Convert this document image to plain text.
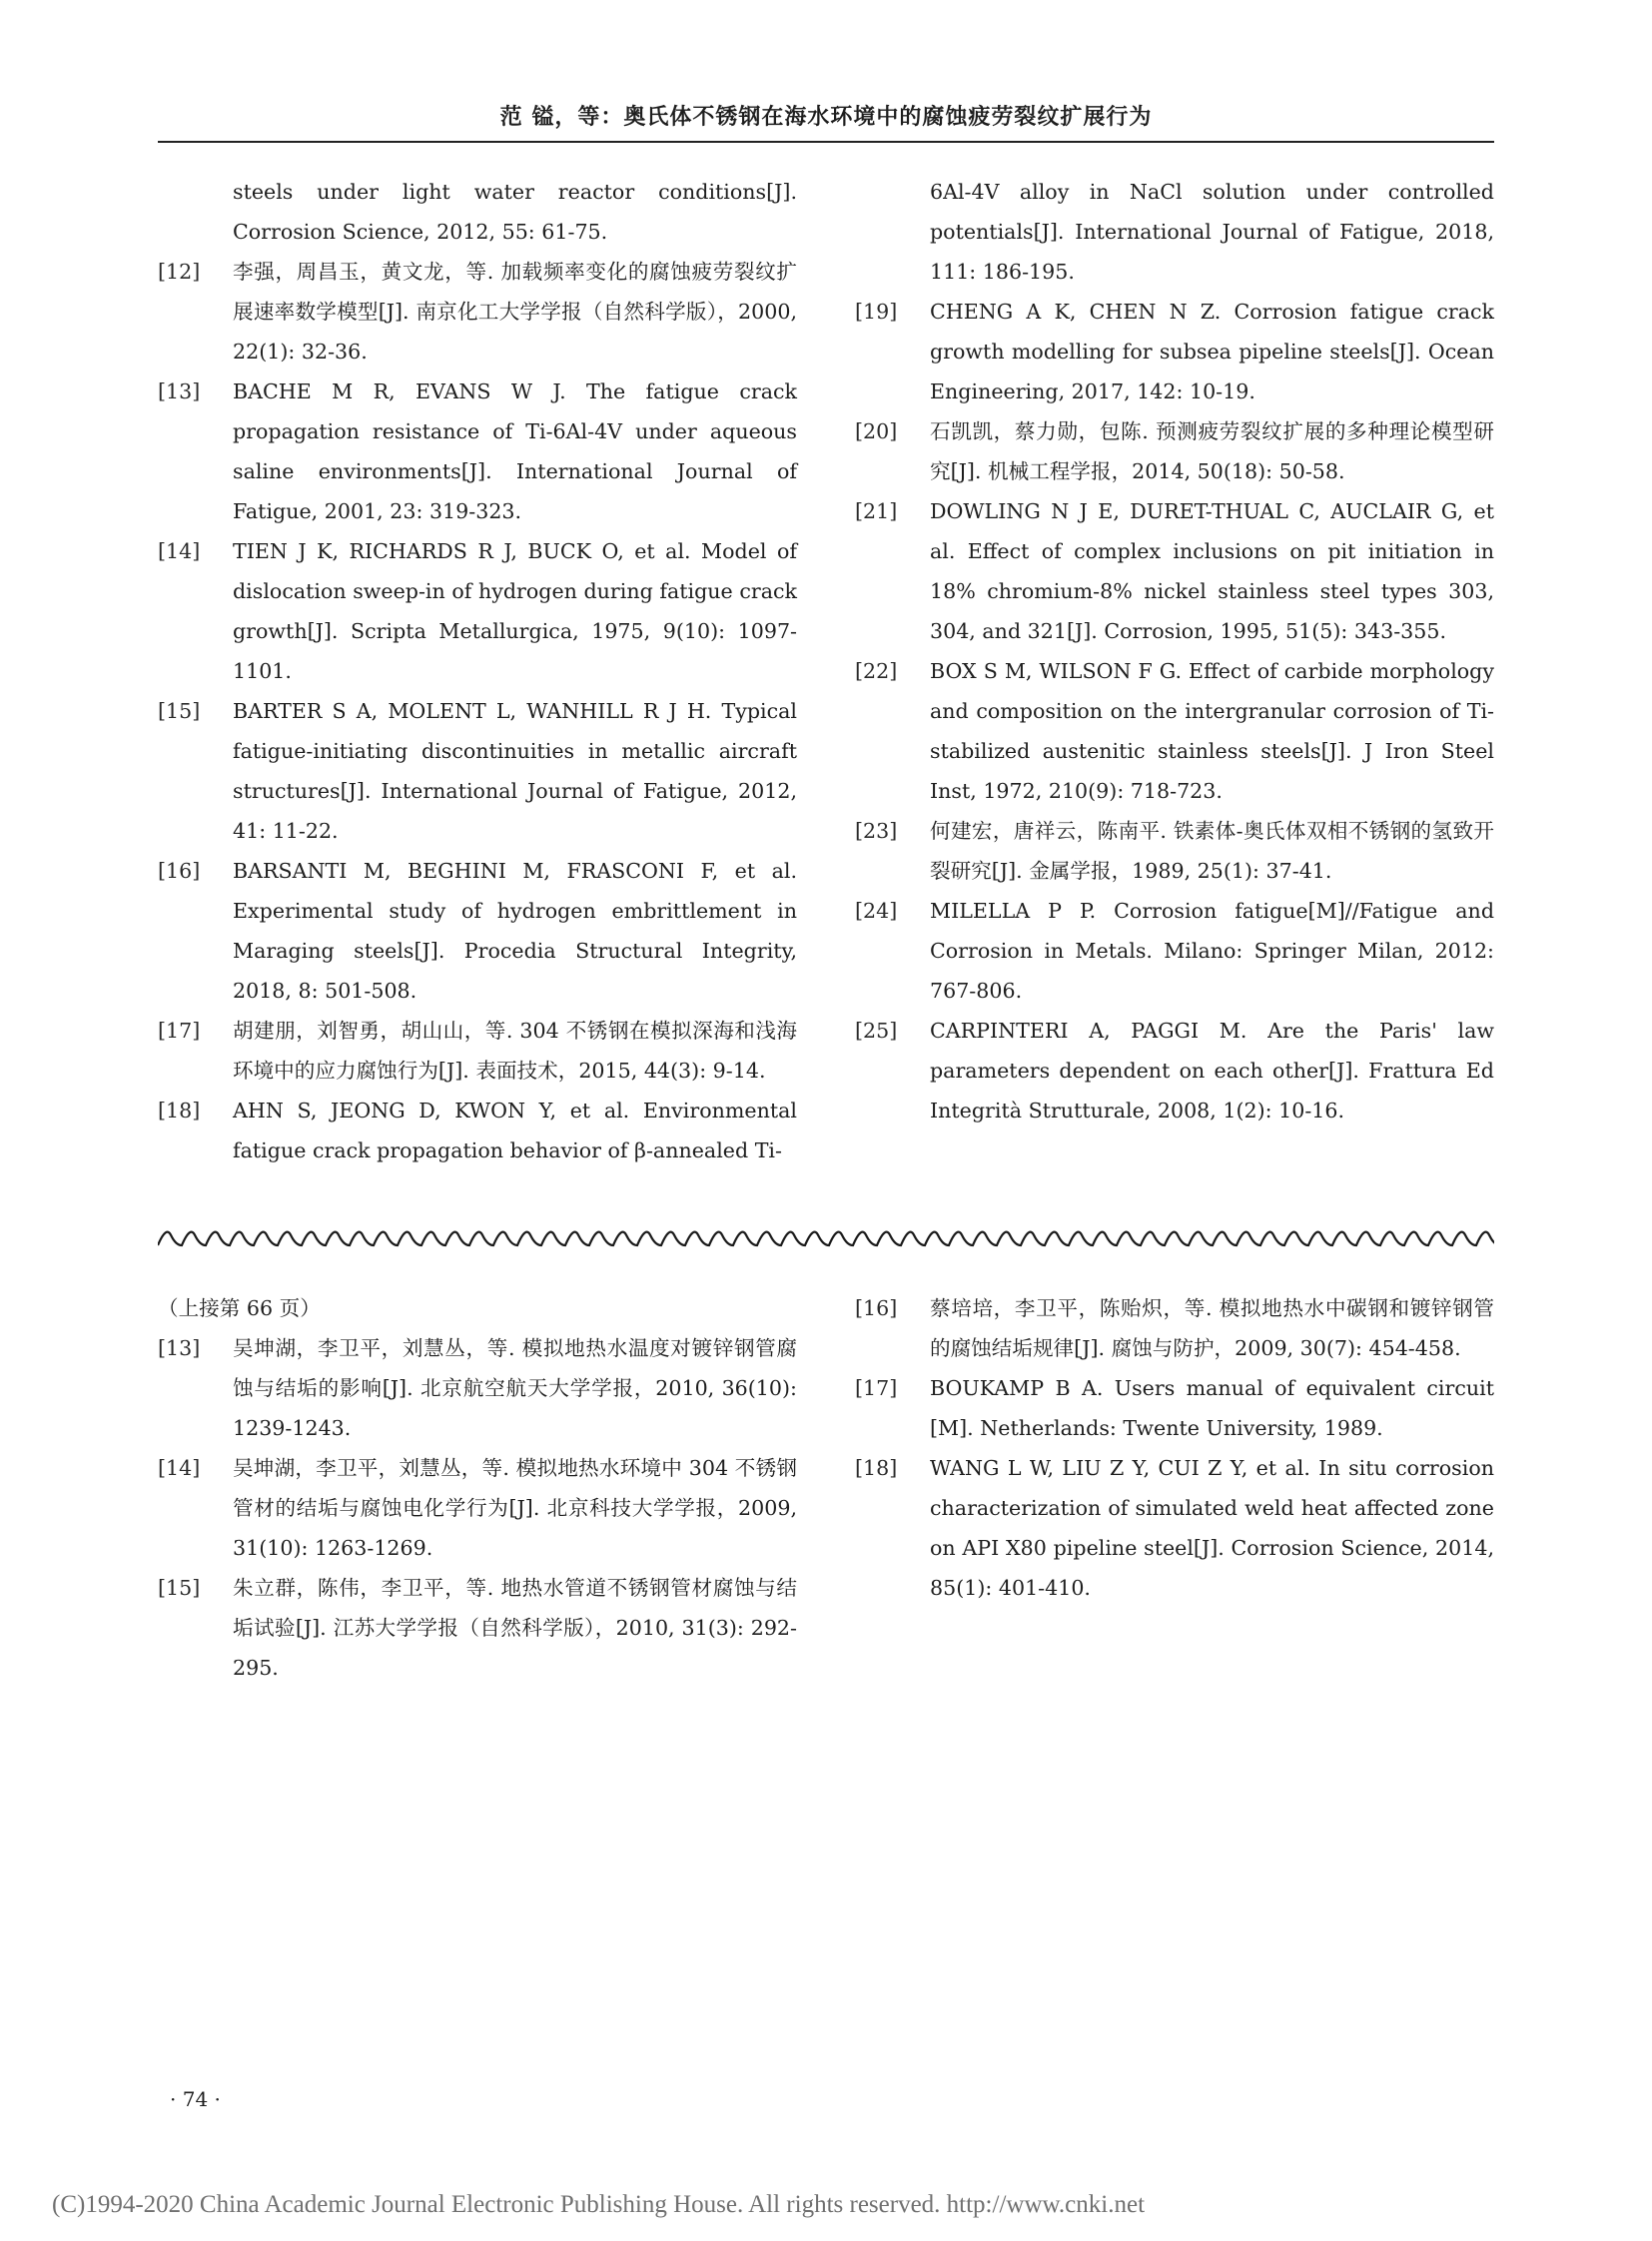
范 镒，等：奥氏体不锈钢在海水环境中的腐蚀疲劳裂纹扩展行为
steels under light water reactor conditions[J]. Corrosion Science, 2012, 55: 61-75.
[12]	李强，周昌玉，黄文龙，等. 加载频率变化的腐蚀疲劳裂纹扩展速率数学模型[J]. 南京化工大学学报（自然科学版），2000, 22(1): 32-36.
[13]	BACHE M R, EVANS W J. The fatigue crack propagation resistance of Ti-6Al-4V under aqueous saline environments[J]. International Journal of Fatigue, 2001, 23: 319-323.
[14]	TIEN J K, RICHARDS R J, BUCK O, et al. Model of dislocation sweep-in of hydrogen during fatigue crack growth[J]. Scripta Metallurgica, 1975, 9(10): 1097-1101.
[15]	BARTER S A, MOLENT L, WANHILL R J H. Typical fatigue-initiating discontinuities in metallic aircraft structures[J]. International Journal of Fatigue, 2012, 41: 11-22.
[16]	BARSANTI M, BEGHINI M, FRASCONI F, et al. Experimental study of hydrogen embrittlement in Maraging steels[J]. Procedia Structural Integrity, 2018, 8: 501-508.
[17]	胡建朋，刘智勇，胡山山，等. 304 不锈钢在模拟深海和浅海环境中的应力腐蚀行为[J]. 表面技术，2015, 44(3): 9-14.
[18]	AHN S, JEONG D, KWON Y, et al. Environmental fatigue crack propagation behavior of β-annealed Ti-
6Al-4V alloy in NaCl solution under controlled potentials[J]. International Journal of Fatigue, 2018, 111: 186-195.
[19]	CHENG A K, CHEN N Z. Corrosion fatigue crack growth modelling for subsea pipeline steels[J]. Ocean Engineering, 2017, 142: 10-19.
[20]	石凯凯，蔡力勋，包陈. 预测疲劳裂纹扩展的多种理论模型研究[J]. 机械工程学报，2014, 50(18): 50-58.
[21]	DOWLING N J E, DURET-THUAL C, AUCLAIR G, et al. Effect of complex inclusions on pit initiation in 18% chromium-8% nickel stainless steel types 303, 304, and 321[J]. Corrosion, 1995, 51(5): 343-355.
[22]	BOX S M, WILSON F G. Effect of carbide morphology and composition on the intergranular corrosion of Ti-stabilized austenitic stainless steels[J]. J Iron Steel Inst, 1972, 210(9): 718-723.
[23]	何建宏，唐祥云，陈南平. 铁素体-奥氏体双相不锈钢的氢致开裂研究[J]. 金属学报，1989, 25(1): 37-41.
[24]	MILELLA P P. Corrosion fatigue[M]//Fatigue and Corrosion in Metals. Milano: Springer Milan, 2012: 767-806.
[25]	CARPINTERI A, PAGGI M. Are the Paris' law parameters dependent on each other[J]. Frattura Ed Integrità Strutturale, 2008, 1(2): 10-16.
（上接第 66 页）
[13]	吴坤湖，李卫平，刘慧丛，等. 模拟地热水温度对镀锌钢管腐蚀与结垢的影响[J]. 北京航空航天大学学报，2010, 36(10): 1239-1243.
[14]	吴坤湖，李卫平，刘慧丛，等. 模拟地热水环境中 304 不锈钢管材的结垢与腐蚀电化学行为[J]. 北京科技大学学报，2009, 31(10): 1263-1269.
[15]	朱立群，陈伟，李卫平，等. 地热水管道不锈钢管材腐蚀与结垢试验[J]. 江苏大学学报（自然科学版），2010, 31(3): 292-295.
[16]	蔡培培，李卫平，陈贻炽，等. 模拟地热水中碳钢和镀锌钢管的腐蚀结垢规律[J]. 腐蚀与防护，2009, 30(7): 454-458.
[17]	BOUKAMP B A. Users manual of equivalent circuit [M]. Netherlands: Twente University, 1989.
[18]	WANG L W, LIU Z Y, CUI Z Y, et al. In situ corrosion characterization of simulated weld heat affected zone on API X80 pipeline steel[J]. Corrosion Science, 2014, 85(1): 401-410.
· 74 ·
(C)1994-2020 China Academic Journal Electronic Publishing House. All rights reserved. http://www.cnki.net
